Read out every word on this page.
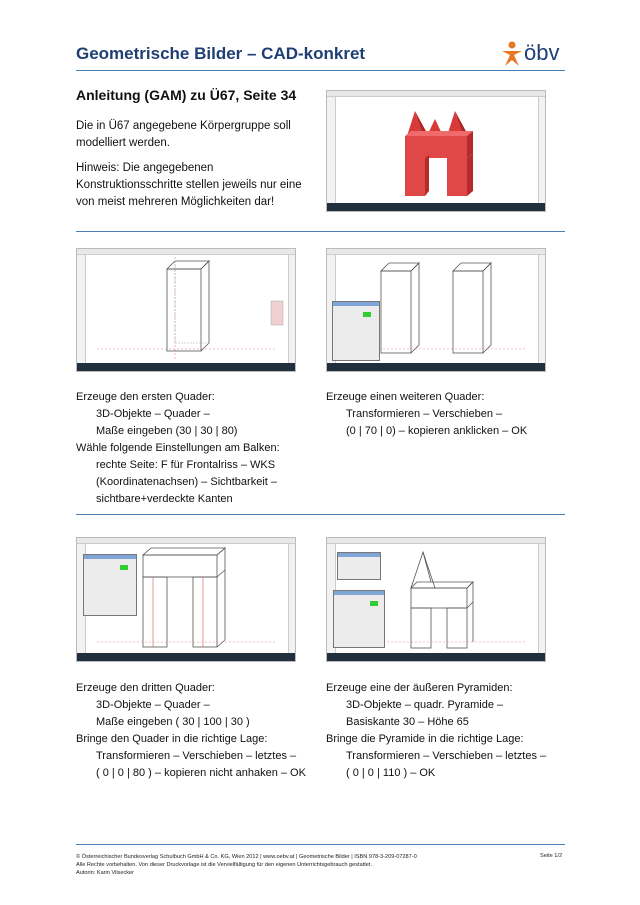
Geometrische Bilder – CAD-konkret	öbv
Anleitung (GAM) zu Ü67, Seite 34
Die in Ü67 angegebene Körpergruppe soll modelliert werden.
Hinweis: Die angegebenen Konstruktionsschritte stellen jeweils nur eine von meist mehreren Möglichkeiten dar!
Erzeuge den ersten Quader:
3D-Objekte – Quader –
Maße eingeben (30 | 30 | 80)
Wähle folgende Einstellungen am Balken:
rechte Seite: F für Frontalriss – WKS
(Koordinatenachsen) – Sichtbarkeit –
sichtbare+verdeckte Kanten
Erzeuge einen weiteren Quader:
Transformieren – Verschieben –
(0 | 70 | 0) – kopieren anklicken – OK
Erzeuge den dritten Quader:
3D-Objekte – Quader –
Maße eingeben ( 30 | 100 | 30 )
Bringe den Quader in die richtige Lage:
Transformieren – Verschieben – letztes –
( 0 | 0 | 80 ) – kopieren nicht anhaken – OK
Erzeuge eine der äußeren Pyramiden:
3D-Objekte – quadr. Pyramide –
Basiskante 30 – Höhe 65
Bringe die Pyramide in die richtige Lage:
Transformieren – Verschieben – letztes –
( 0 | 0 | 110 ) – OK
© Österreichischer Bundesverlag Schulbuch GmbH & Co. KG, Wien 2012 | www.oebv.at | Geometrische Bilder | ISBN 978-3-209-07287-0
Alle Rechte vorbehalten. Von dieser Druckvorlage ist die Vervielfältigung für den eigenen Unterrichtsgebrauch gestattet.
Autorin: Karin Vilsecker
Seite 1/2
